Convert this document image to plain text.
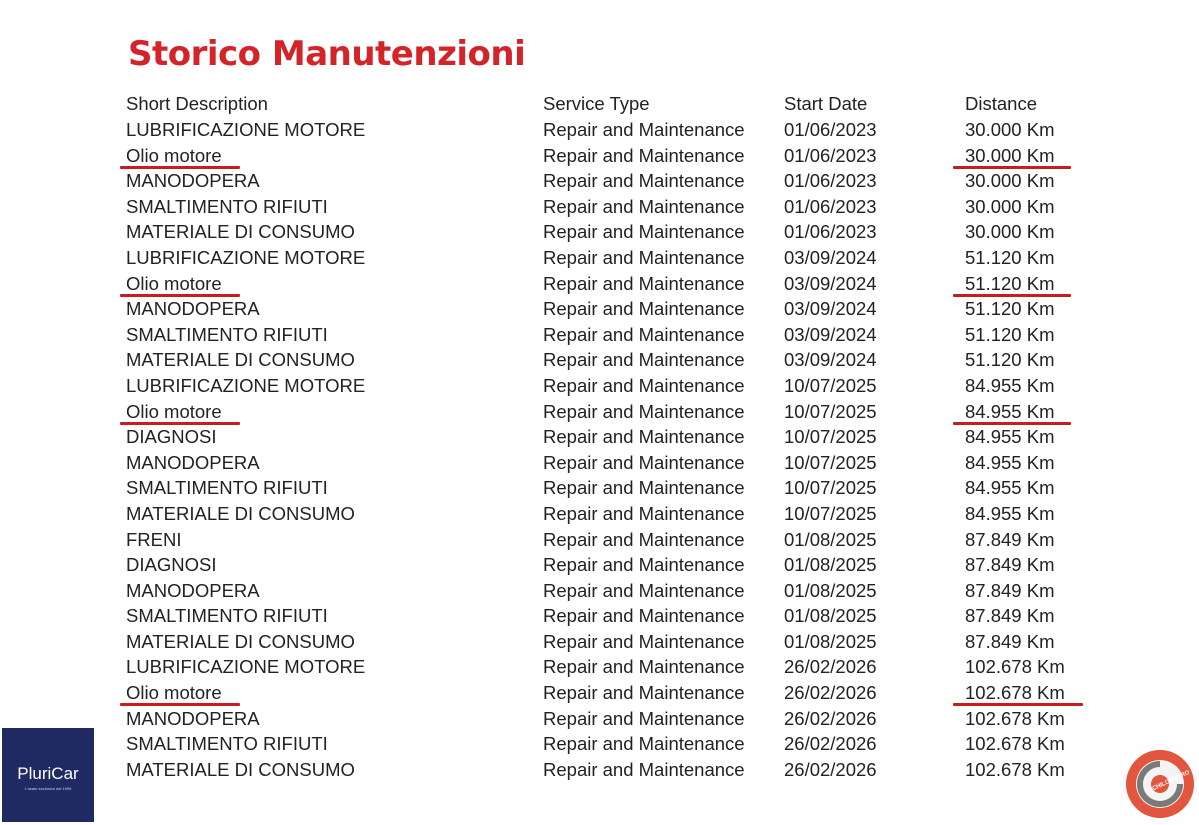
Storico Manutenzioni
Short Description	Service Type	Start Date	Distance
LUBRIFICAZIONE MOTORE	Repair and Maintenance 01/06/2023	30.000 Km
Olio motore	Repair and Maintenance 01/06/2023	30.000 Km
MANODOPERA	Repair and Maintenance 01/06/2023	30.000 Km
SMALTIMENTO RIFIUTI	Repair and Maintenance 01/06/2023	30.000 Km
MATERIALE DI CONSUMO	Repair and Maintenance 01/06/2023	30.000 Km
LUBRIFICAZIONE MOTORE	Repair and Maintenance 03/09/2024	51.120 Km
Olio motore	Repair and Maintenance 03/09/2024	51.120 Km
MANODOPERA	Repair and Maintenance 03/09/2024	51.120 Km
SMALTIMENTO RIFIUTI	Repair and Maintenance 03/09/2024	51.120 Km
MATERIALE DI CONSUMO	Repair and Maintenance 03/09/2024	51.120 Km
LUBRIFICAZIONE MOTORE	Repair and Maintenance 10/07/2025	84.955 Km
Olio motore	Repair and Maintenance 10/07/2025	84.955 Km
DIAGNOSI	Repair and Maintenance 10/07/2025	84.955 Km
MANODOPERA	Repair and Maintenance 10/07/2025	84.955 Km
SMALTIMENTO RIFIUTI	Repair and Maintenance 10/07/2025	84.955 Km
MATERIALE DI CONSUMO	Repair and Maintenance 10/07/2025	84.955 Km
FRENI	Repair and Maintenance 01/08/2025	87.849 Km
DIAGNOSI	Repair and Maintenance 01/08/2025	87.849 Km
MANODOPERA	Repair and Maintenance 01/08/2025	87.849 Km
SMALTIMENTO RIFIUTI	Repair and Maintenance 01/08/2025	87.849 Km
MATERIALE DI CONSUMO	Repair and Maintenance 01/08/2025	87.849 Km
LUBRIFICAZIONE MOTORE	Repair and Maintenance 26/02/2026	102.678 Km
Olio motore	Repair and Maintenance 26/02/2026	102.678 Km
MANODOPERA	Repair and Maintenance 26/02/2026	102.678 Km
SMALTIMENTO RIFIUTI	Repair and Maintenance 26/02/2026	102.678 Km
MATERIALE DI CONSUMO	Repair and Maintenance 26/02/2026	102.678 Km
PluriCar
L'usato esclusivo dal 1999	CHILOMETRO
